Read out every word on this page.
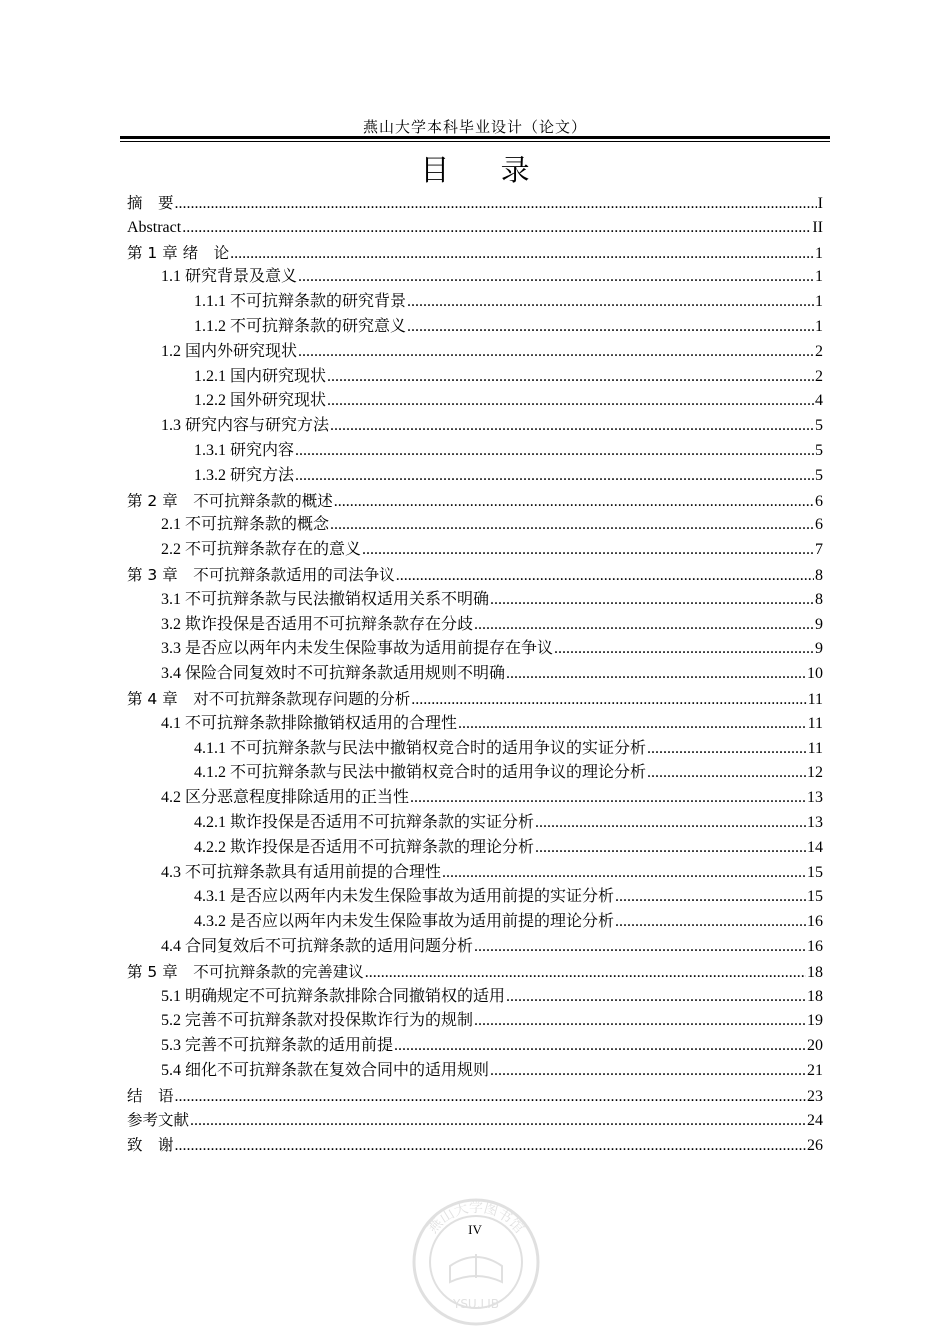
燕山大学本科毕业设计（论文）
目 录
摘　要 .....	I
Abstract .....	II
第 1 章 绪　论 .....	1
1.1 研究背景及意义 .....	1
1.1.1 不可抗辩条款的研究背景 .....	1
1.1.2 不可抗辩条款的研究意义 .....	1
1.2 国内外研究现状 .....	2
1.2.1 国内研究现状 .....	2
1.2.2 国外研究现状 .....	4
1.3 研究内容与研究方法 .....	5
1.3.1 研究内容 .....	5
1.3.2 研究方法 .....	5
第 2 章　不可抗辩条款的概述 .....	6
2.1 不可抗辩条款的概念 .....	6
2.2 不可抗辩条款存在的意义 .....	7
第 3 章　不可抗辩条款适用的司法争议 .....	8
3.1 不可抗辩条款与民法撤销权适用关系不明确 .....	8
3.2 欺诈投保是否适用不可抗辩条款存在分歧 .....	9
3.3 是否应以两年内未发生保险事故为适用前提存在争议 .....	9
3.4 保险合同复效时不可抗辩条款适用规则不明确 .....	10
第 4 章　对不可抗辩条款现存问题的分析 .....	11
4.1 不可抗辩条款排除撤销权适用的合理性 .....	11
4.1.1 不可抗辩条款与民法中撤销权竞合时的适用争议的实证分析 .....	11
4.1.2 不可抗辩条款与民法中撤销权竞合时的适用争议的理论分析 .....	12
4.2 区分恶意程度排除适用的正当性 .....	13
4.2.1 欺诈投保是否适用不可抗辩条款的实证分析 .....	13
4.2.2 欺诈投保是否适用不可抗辩条款的理论分析 .....	14
4.3 不可抗辩条款具有适用前提的合理性 .....	15
4.3.1 是否应以两年内未发生保险事故为适用前提的实证分析 .....	15
4.3.2 是否应以两年内未发生保险事故为适用前提的理论分析 .....	16
4.4 合同复效后不可抗辩条款的适用问题分析 .....	16
第 5 章　不可抗辩条款的完善建议 .....	18
5.1 明确规定不可抗辩条款排除合同撤销权的适用 .....	18
5.2 完善不可抗辩条款对投保欺诈行为的规制 .....	19
5.3 完善不可抗辩条款的适用前提 .....	20
5.4 细化不可抗辩条款在复效合同中的适用规则 .....	21
结　语 .....	23
参考文献 .....	24
致　谢 .....	26
IV
燕山大学图书馆
YSU.LIB
